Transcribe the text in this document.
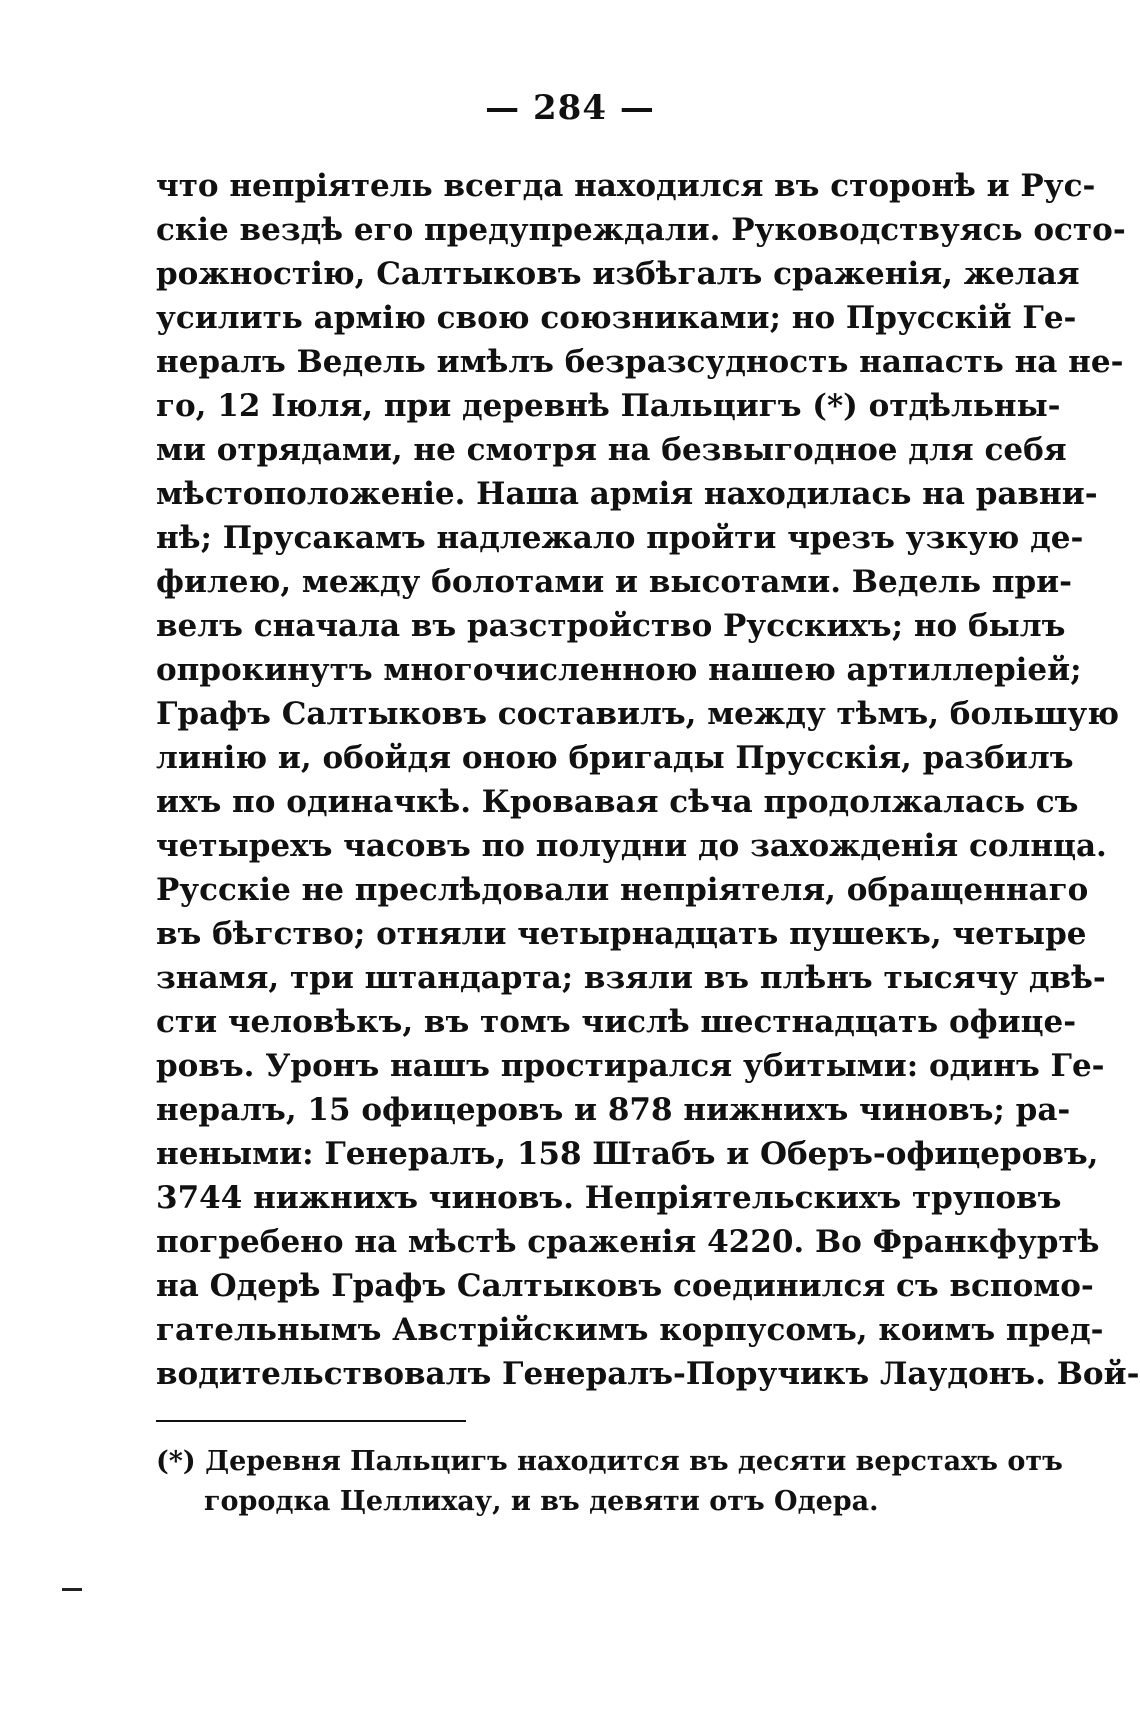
— 284 —
что непріятель всегда находился въ сторонѣ и Рус-
скіе вездѣ его предупреждали. Руководствуясь осто-
рожностію, Салтыковъ избѣгалъ сраженія, желая
усилить армію свою союзниками; но Прусскій Ге-
нералъ Ведель имѣлъ безразсудность напасть на не-
го, 12 Іюля, при деревнѣ Пальцигъ (*) отдѣльны-
ми отрядами, не смотря на безвыгодное для себя
мѣстоположеніе. Наша армія находилась на равни-
нѣ; Прусакамъ надлежало пройти чрезъ узкую де-
филею, между болотами и высотами. Ведель при-
велъ сначала въ разстройство Русскихъ; но былъ
опрокинутъ многочисленною нашею артиллеріей;
Графъ Салтыковъ составилъ, между тѣмъ, большую
линію и, обойдя оною бригады Прусскія, разбилъ
ихъ по одиначкѣ. Кровавая сѣча продолжалась съ
четырехъ часовъ по полудни до захожденія солнца.
Русскіе не преслѣдовали непріятеля, обращеннаго
въ бѣгство; отняли четырнадцать пушекъ, четыре
знамя, три штандарта; взяли въ плѣнъ тысячу двѣ-
сти человѣкъ, въ томъ числѣ шестнадцать офице-
ровъ. Уронъ нашъ простирался убитыми: одинъ Ге-
нералъ, 15 офицеровъ и 878 нижнихъ чиновъ; ра-
неными: Генералъ, 158 Штабъ и Оберъ-офицеровъ,
3744 нижнихъ чиновъ. Непріятельскихъ труповъ
погребено на мѣстѣ сраженія 4220. Во Франкфуртѣ
на Одерѣ Графъ Салтыковъ соединился съ вспомо-
гательнымъ Австрійскимъ корпусомъ, коимъ пред-
водительствовалъ Генералъ-Поручикъ Лаудонъ. Вой-
(*) Деревня Пальцигъ находится въ десяти верстахъ отъ
городка Целлихау, и въ девяти отъ Одера.
